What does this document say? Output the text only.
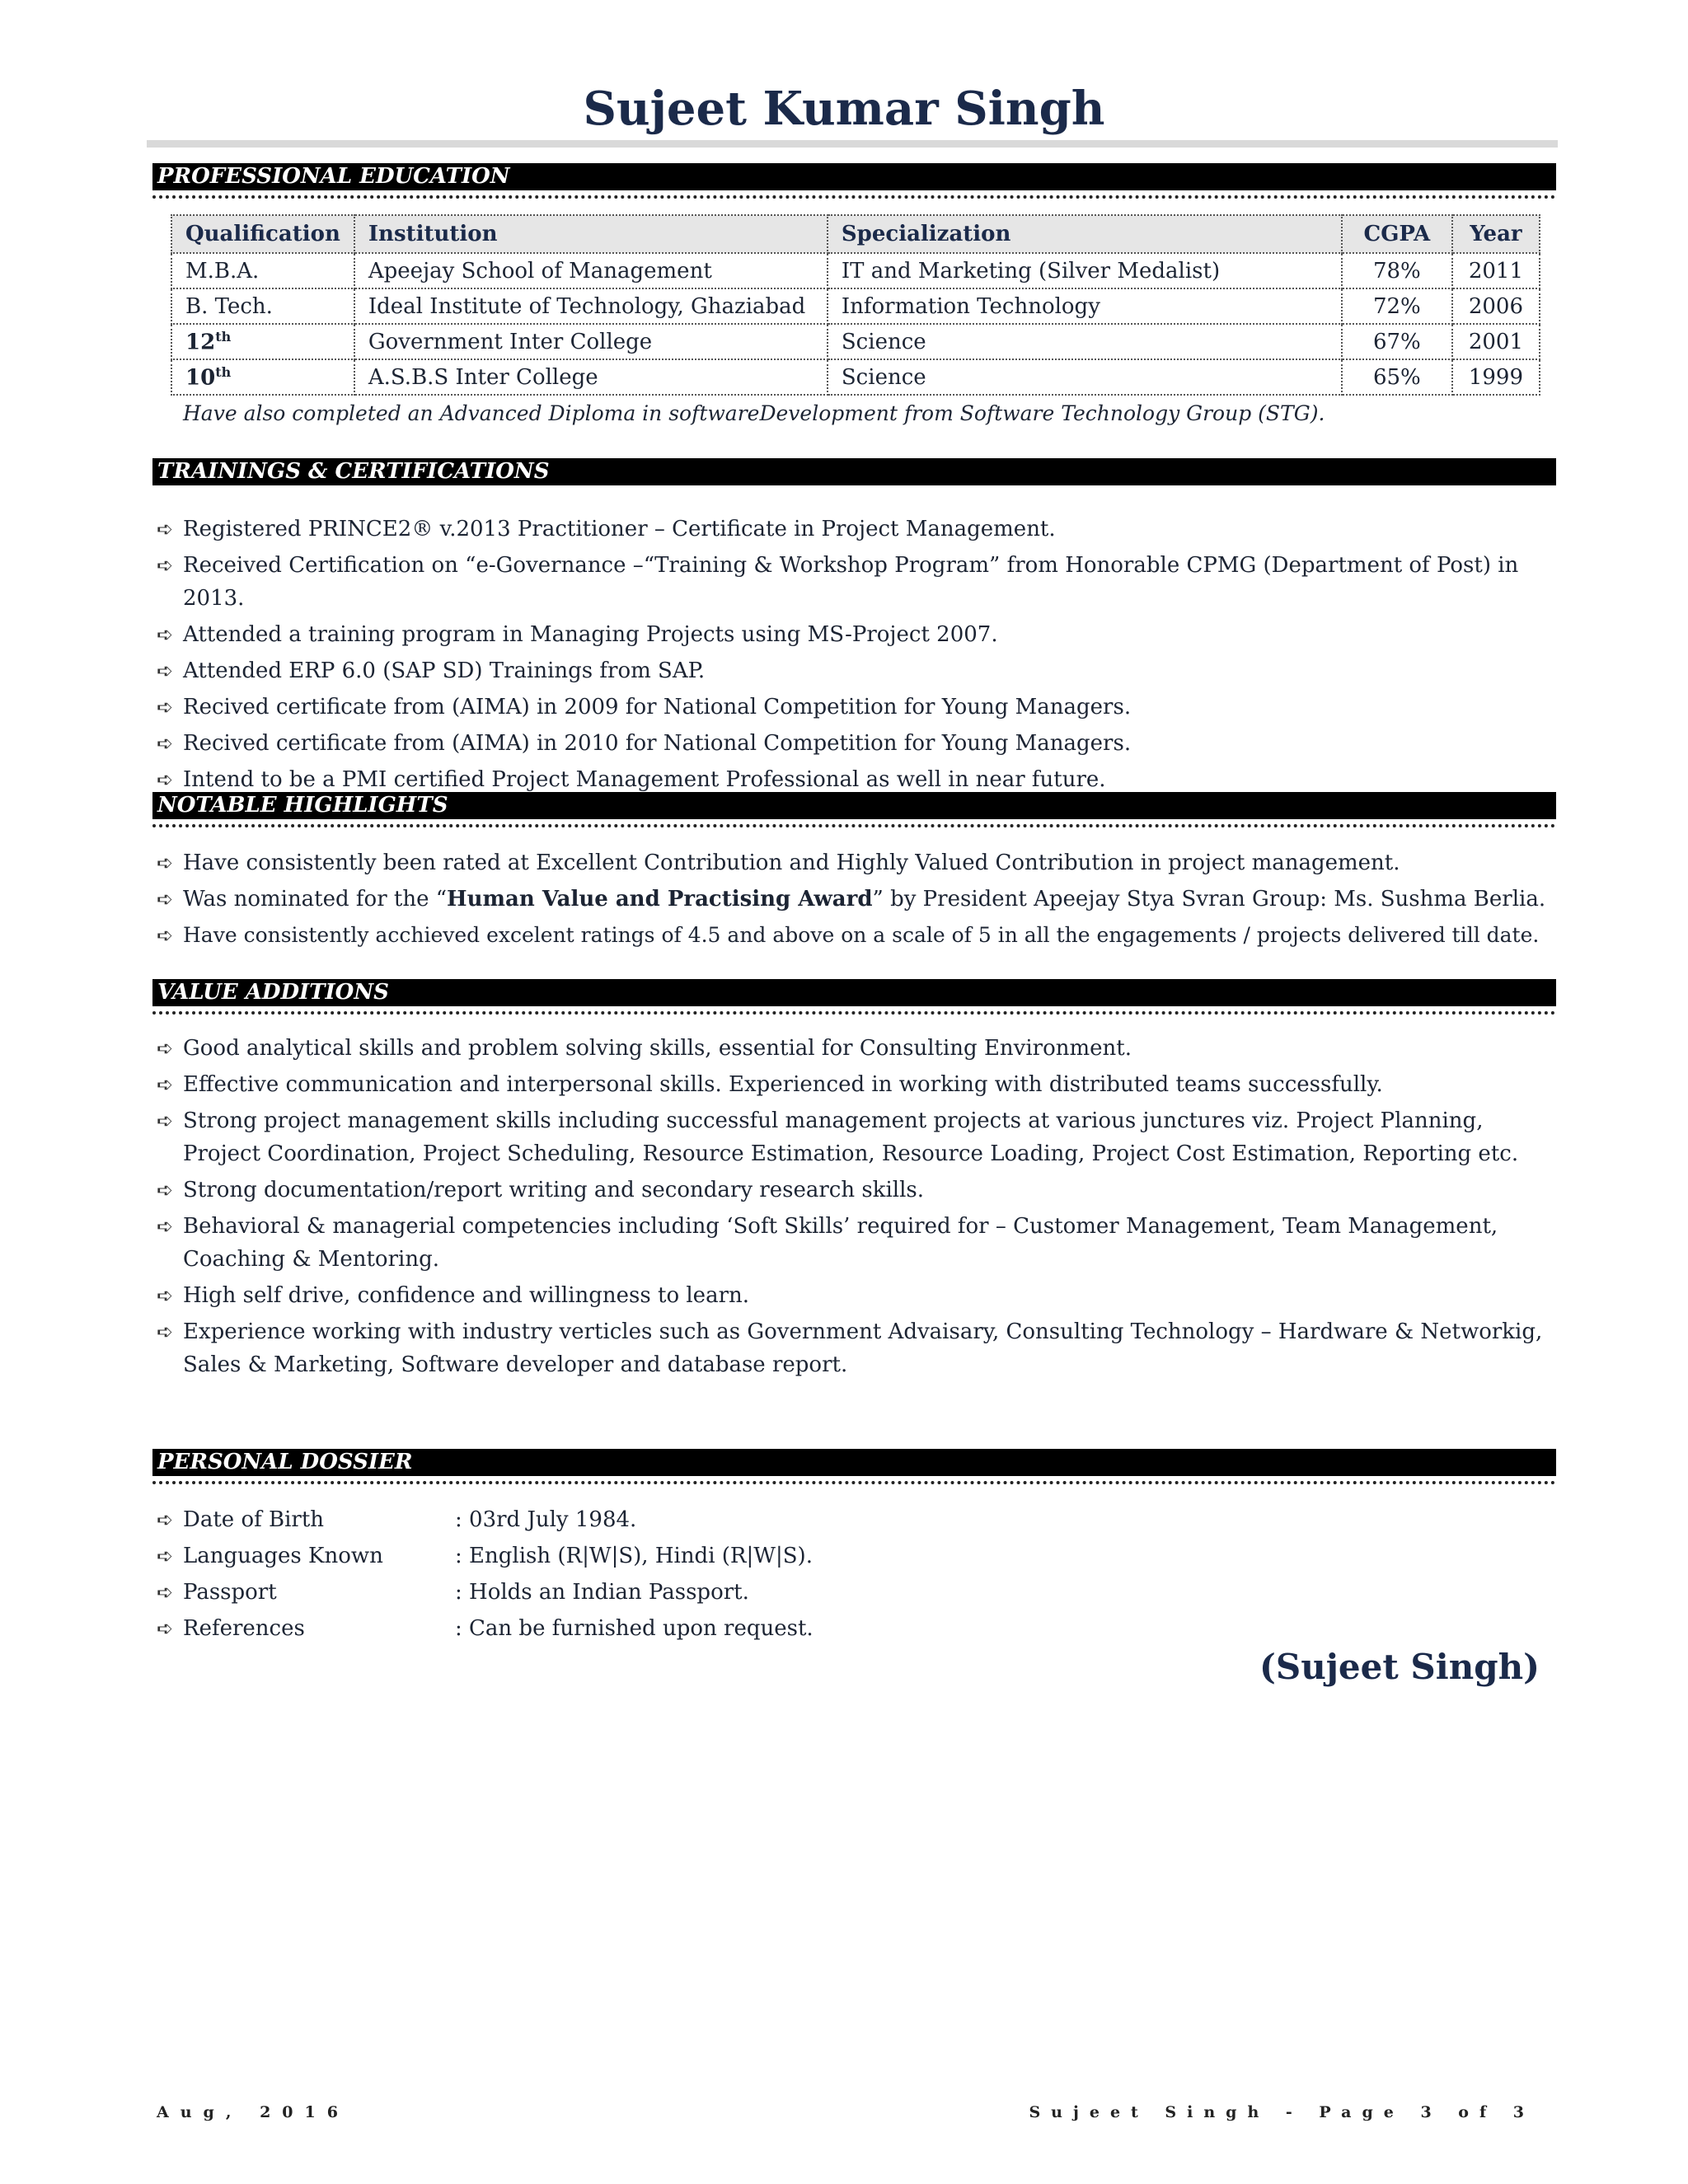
Sujeet Kumar Singh
PROFESSIONAL EDUCATION
Qualification	Institution	Specialization	CGPA	Year
M.B.A.	Apeejay School of Management	IT and Marketing (Silver Medalist)	78%	2011
B. Tech.	Ideal Institute of Technology, Ghaziabad	Information Technology	72%	2006
12th	Government Inter College	Science	67%	2001
10th	A.S.B.S Inter College	Science	65%	1999
Have also completed an Advanced Diploma in softwareDevelopment from Software Technology Group (STG).
TRAININGS & CERTIFICATIONS
➪ Registered PRINCE2® v.2013 Practitioner – Certificate in Project Management.
➪ Received Certification on “e-Governance –“Training & Workshop Program” from Honorable CPMG (Department of Post) in 2013.
➪ Attended a training program in Managing Projects using MS-Project 2007.
➪ Attended ERP 6.0 (SAP SD) Trainings from SAP.
➪ Recived certificate from (AIMA) in 2009 for National Competition for Young Managers.
➪ Recived certificate from (AIMA) in 2010 for National Competition for Young Managers.
➪ Intend to be a PMI certified Project Management Professional as well in near future.
NOTABLE HIGHLIGHTS
➪ Have consistently been rated at Excellent Contribution and Highly Valued Contribution in project management.
➪ Was nominated for the “Human Value and Practising Award” by President Apeejay Stya Svran Group: Ms. Sushma Berlia.
➪ Have consistently acchieved excelent ratings of 4.5 and above on a scale of 5 in all the engagements / projects delivered till date.
VALUE ADDITIONS
➪ Good analytical skills and problem solving skills, essential for Consulting Environment.
➪ Effective communication and interpersonal skills. Experienced in working with distributed teams successfully.
➪ Strong project management skills including successful management projects at various junctures viz. Project Planning, Project Coordination, Project Scheduling, Resource Estimation, Resource Loading, Project Cost Estimation, Reporting etc.
➪ Strong documentation/report writing and secondary research skills.
➪ Behavioral & managerial competencies including ‘Soft Skills’ required for – Customer Management, Team Management, Coaching & Mentoring.
➪ High self drive, confidence and willingness to learn.
➪ Experience working with industry verticles such as Government Advaisary, Consulting Technology – Hardware & Networkig, Sales & Marketing, Software developer and database report.
PERSONAL DOSSIER
➪ Date of Birth	: 03rd July 1984.
➪ Languages Known	: English (R|W|S), Hindi (R|W|S).
➪ Passport	: Holds an Indian Passport.
➪ References	: Can be furnished upon request.
(Sujeet Singh)
Aug, 2016	Sujeet Singh - Page 3 of 3
